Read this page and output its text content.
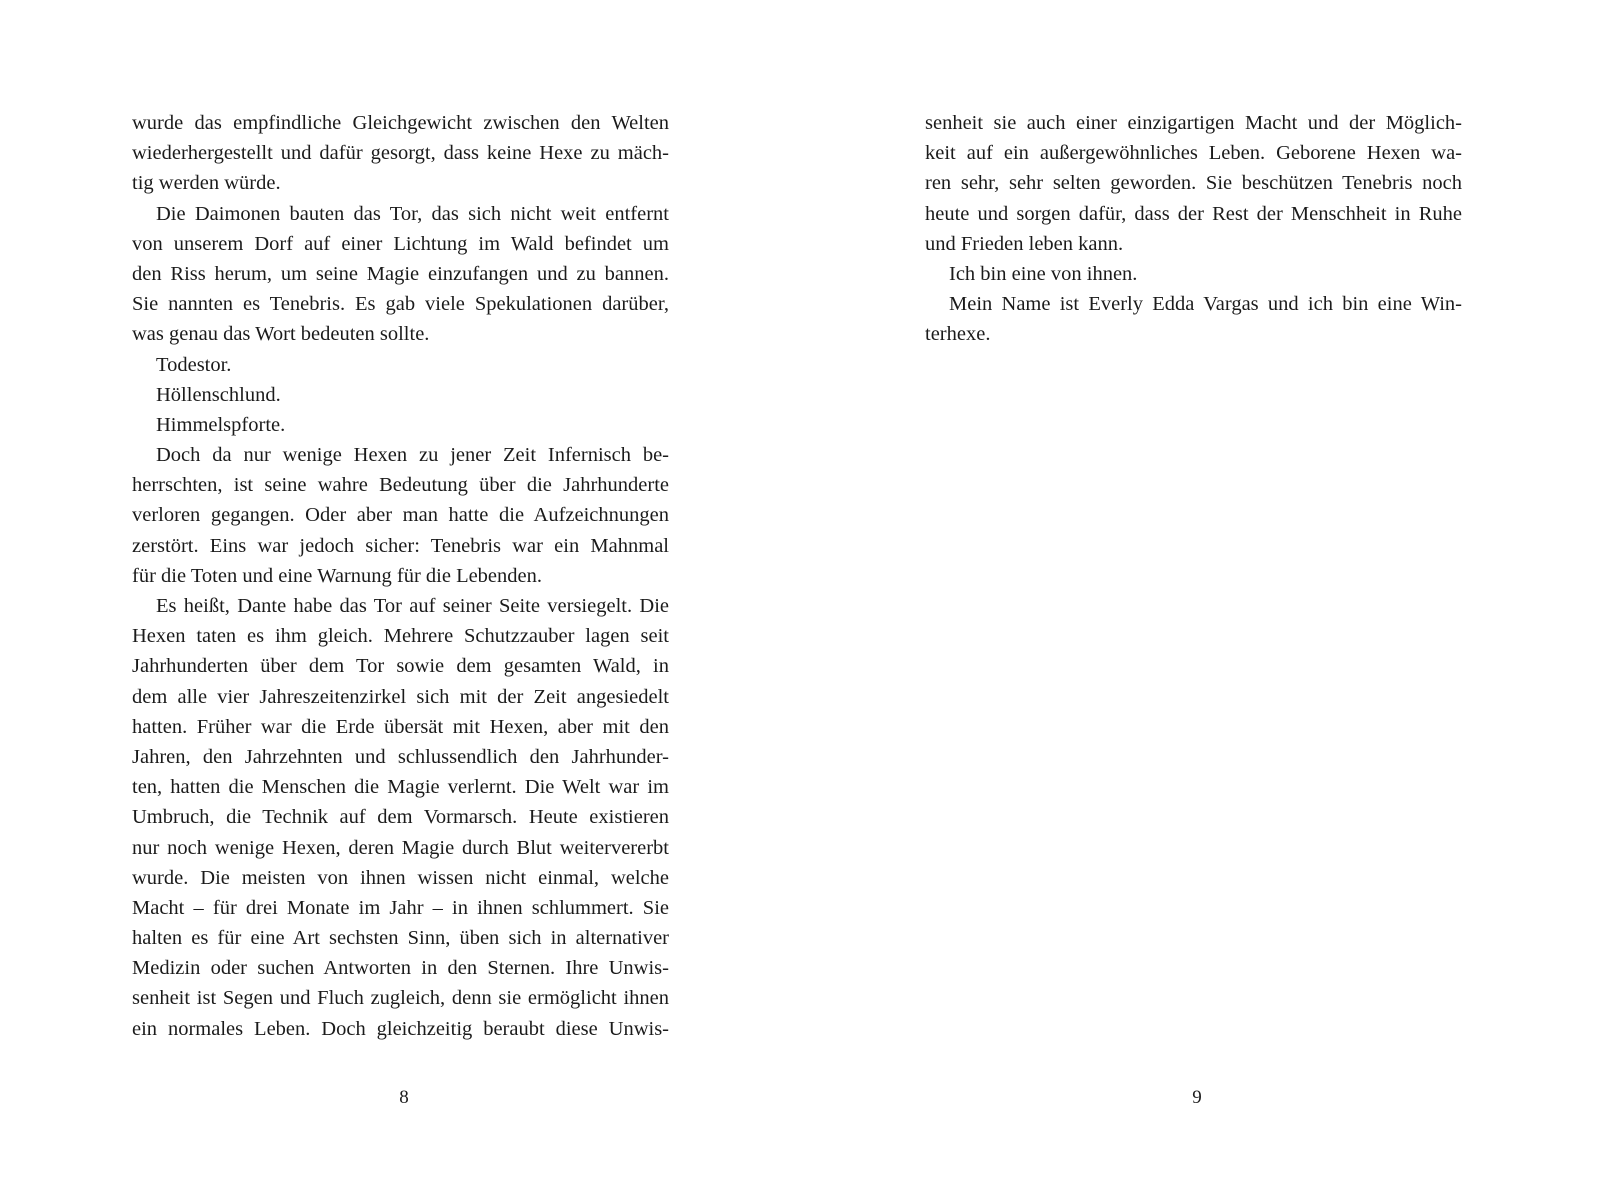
wurde das empfindliche Gleichgewicht zwischen den Welten
wiederhergestellt und dafür gesorgt, dass keine Hexe zu mäch-
tig werden würde.
Die Daimonen bauten das Tor, das sich nicht weit entfernt
von unserem Dorf auf einer Lichtung im Wald befindet um
den Riss herum, um seine Magie einzufangen und zu bannen.
Sie nannten es Tenebris. Es gab viele Spekulationen darüber,
was genau das Wort bedeuten sollte.
Todestor.
Höllenschlund.
Himmelspforte.
Doch da nur wenige Hexen zu jener Zeit Infernisch be-
herrschten, ist seine wahre Bedeutung über die Jahrhunderte
verloren gegangen. Oder aber man hatte die Aufzeichnungen
zerstört. Eins war jedoch sicher: Tenebris war ein Mahnmal
für die Toten und eine Warnung für die Lebenden.
Es heißt, Dante habe das Tor auf seiner Seite versiegelt. Die
Hexen taten es ihm gleich. Mehrere Schutzzauber lagen seit
Jahrhunderten über dem Tor sowie dem gesamten Wald, in
dem alle vier Jahreszeitenzirkel sich mit der Zeit angesiedelt
hatten. Früher war die Erde übersät mit Hexen, aber mit den
Jahren, den Jahrzehnten und schlussendlich den Jahrhunder-
ten, hatten die Menschen die Magie verlernt. Die Welt war im
Umbruch, die Technik auf dem Vormarsch. Heute existieren
nur noch wenige Hexen, deren Magie durch Blut weitervererbt
wurde. Die meisten von ihnen wissen nicht einmal, welche
Macht – für drei Monate im Jahr – in ihnen schlummert. Sie
halten es für eine Art sechsten Sinn, üben sich in alternativer
Medizin oder suchen Antworten in den Sternen. Ihre Unwis-
senheit ist Segen und Fluch zugleich, denn sie ermöglicht ihnen
ein normales Leben. Doch gleichzeitig beraubt diese Unwis-
8
senheit sie auch einer einzigartigen Macht und der Möglich-
keit auf ein außergewöhnliches Leben. Geborene Hexen wa-
ren sehr, sehr selten geworden. Sie beschützen Tenebris noch
heute und sorgen dafür, dass der Rest der Menschheit in Ruhe
und Frieden leben kann.
Ich bin eine von ihnen.
Mein Name ist Everly Edda Vargas und ich bin eine Win-
terhexe.
9
